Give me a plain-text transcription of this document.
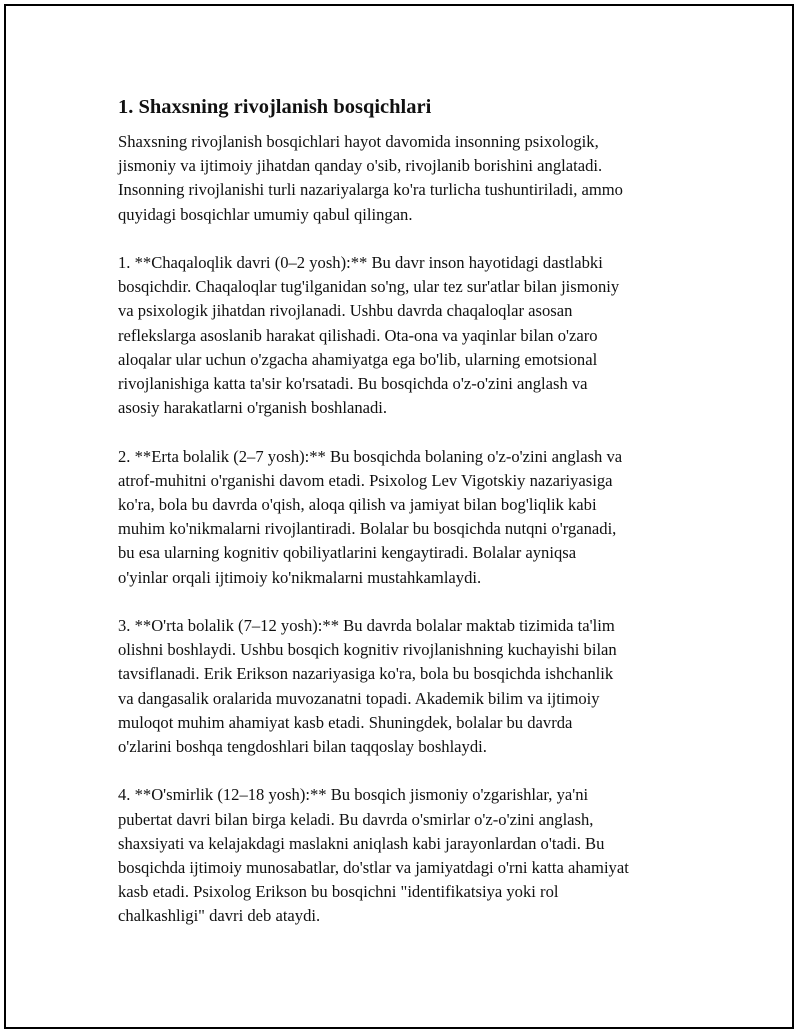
1. Shaxsning rivojlanish bosqichlari

Shaxsning rivojlanish bosqichlari hayot davomida insonning psixologik,
jismoniy va ijtimoiy jihatdan qanday o'sib, rivojlanib borishini anglatadi.
Insonning rivojlanishi turli nazariyalarga ko'ra turlicha tushuntiriladi, ammo
quyidagi bosqichlar umumiy qabul qilingan.

1. **Chaqaloqlik davri (0–2 yosh):** Bu davr inson hayotidagi dastlabki
bosqichdir. Chaqaloqlar tug'ilganidan so'ng, ular tez sur'atlar bilan jismoniy
va psixologik jihatdan rivojlanadi. Ushbu davrda chaqaloqlar asosan
reflekslarga asoslanib harakat qilishadi. Ota-ona va yaqinlar bilan o'zaro
aloqalar ular uchun o'zgacha ahamiyatga ega bo'lib, ularning emotsional
rivojlanishiga katta ta'sir ko'rsatadi. Bu bosqichda o'z-o'zini anglash va
asosiy harakatlarni o'rganish boshlanadi.

2. **Erta bolalik (2–7 yosh):** Bu bosqichda bolaning o'z-o'zini anglash va
atrof-muhitni o'rganishi davom etadi. Psixolog Lev Vigotskiy nazariyasiga
ko'ra, bola bu davrda o'qish, aloqa qilish va jamiyat bilan bog'liqlik kabi
muhim ko'nikmalarni rivojlantiradi. Bolalar bu bosqichda nutqni o'rganadi,
bu esa ularning kognitiv qobiliyatlarini kengaytiradi. Bolalar ayniqsa
o'yinlar orqali ijtimoiy ko'nikmalarni mustahkamlaydi.

3. **O'rta bolalik (7–12 yosh):** Bu davrda bolalar maktab tizimida ta'lim
olishni boshlaydi. Ushbu bosqich kognitiv rivojlanishning kuchayishi bilan
tavsiflanadi. Erik Erikson nazariyasiga ko'ra, bola bu bosqichda ishchanlik
va dangasalik oralarida muvozanatni topadi. Akademik bilim va ijtimoiy
muloqot muhim ahamiyat kasb etadi. Shuningdek, bolalar bu davrda
o'zlarini boshqa tengdoshlari bilan taqqoslay boshlaydi.

4. **O'smirlik (12–18 yosh):** Bu bosqich jismoniy o'zgarishlar, ya'ni
pubertat davri bilan birga keladi. Bu davrda o'smirlar o'z-o'zini anglash,
shaxsiyati va kelajakdagi maslakni aniqlash kabi jarayonlardan o'tadi. Bu
bosqichda ijtimoiy munosabatlar, do'stlar va jamiyatdagi o'rni katta ahamiyat
kasb etadi. Psixolog Erikson bu bosqichni "identifikatsiya yoki rol
chalkashligi" davri deb ataydi.
